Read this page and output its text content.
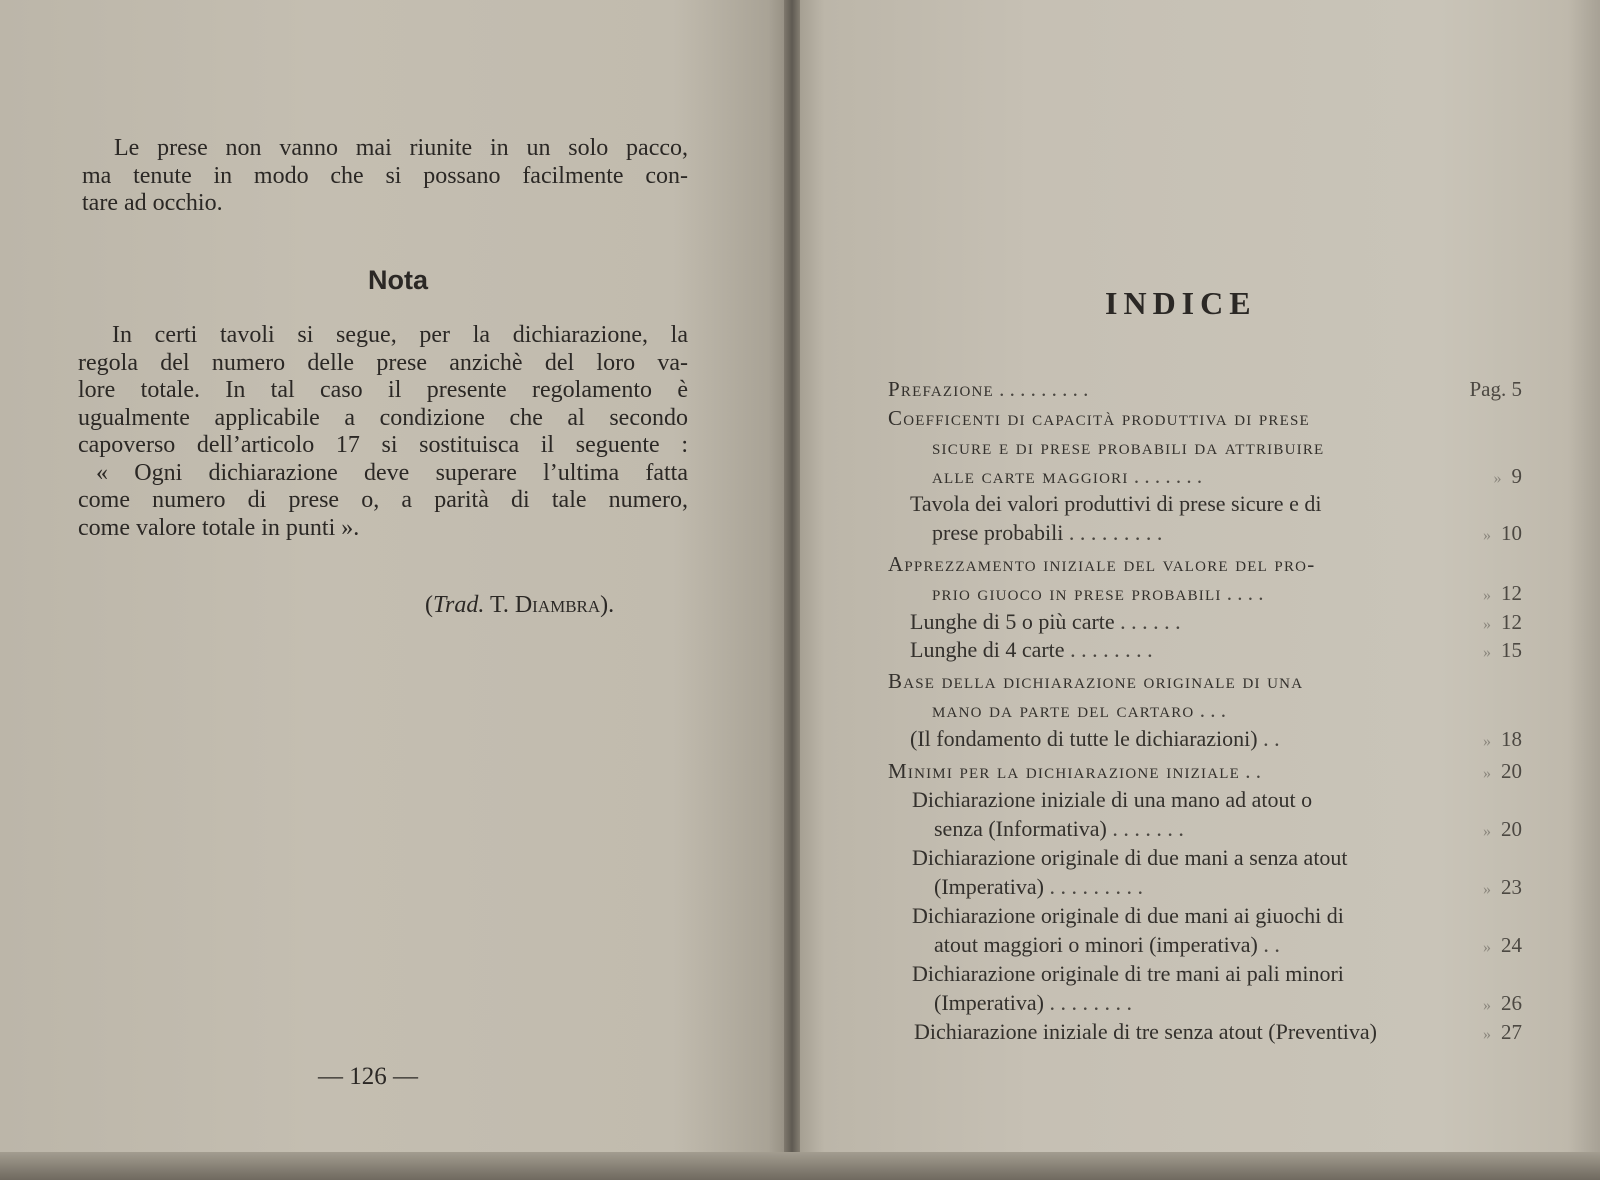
Le prese non vanno mai riunite in un solo pacco,
ma tenute in modo che si possano facilmente con-
tare ad occhio.

Nota

In certi tavoli si segue, per la dichiarazione, la
regola del numero delle prese anzichè del loro va-
lore totale. In tal caso il presente regolamento è
ugualmente applicabile a condizione che al secondo
capoverso dell’articolo 17 si sostituisca il seguente :
« Ogni dichiarazione deve superare l’ultima fatta
come numero di prese o, a parità di tale numero,
come valore totale in punti ».

(Trad. T. Diambra).
— 126 —
INDICE
Prefazione . . . . . . . . .	Pag. 5
Coefficenti di capacità produttiva di prese
sicure e di prese probabili da attribuire
alle carte maggiori . . . . . . .	» 9
Tavola dei valori produttivi di prese sicure e di
prese probabili . . . . . . . . .	» 10
Apprezzamento iniziale del valore del pro-
prio giuoco in prese probabili . . . .	» 12
Lunghe di 5 o più carte . . . . . .	» 12
Lunghe di 4 carte . . . . . . . .	» 15
Base della dichiarazione originale di una
mano da parte del cartaro . . .
(Il fondamento di tutte le dichiarazioni) . .	» 18
Minimi per la dichiarazione iniziale . .	» 20
Dichiarazione iniziale di una mano ad atout o
senza (Informativa) . . . . . . .	» 20
Dichiarazione originale di due mani a senza atout
(Imperativa) . . . . . . . . .	» 23
Dichiarazione originale di due mani ai giuochi di
atout maggiori o minori (imperativa) . .	» 24
Dichiarazione originale di tre mani ai pali minori
(Imperativa) . . . . . . . .	» 26
Dichiarazione iniziale di tre senza atout (Preventiva)	» 27
